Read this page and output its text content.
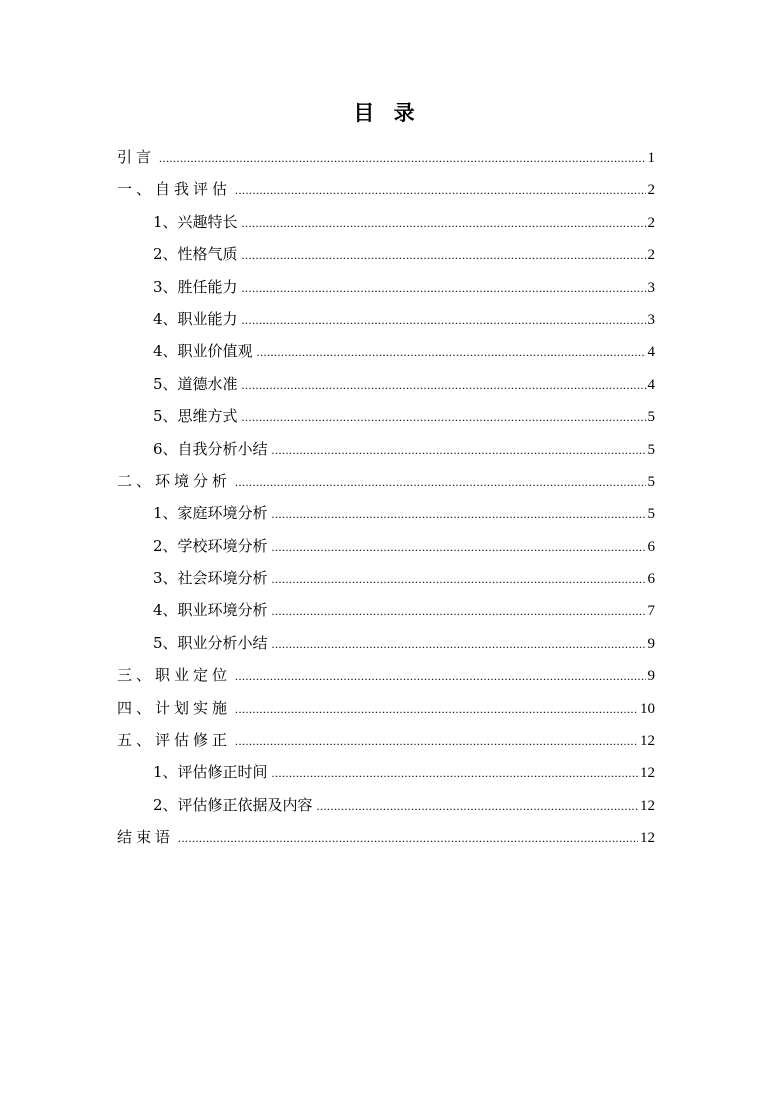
目 录
引言 .....	1
一、自我评估 .....	2
1、兴趣特长 .....	2
2、性格气质 .....	2
3、胜任能力 .....	3
4、职业能力 .....	3
4、职业价值观 .....	4
5、道德水准 .....	4
5、思维方式 .....	5
6、自我分析小结 .....	5
二、环境分析 .....	5
1、家庭环境分析 .....	5
2、学校环境分析 .....	6
3、社会环境分析 .....	6
4、职业环境分析 .....	7
5、职业分析小结 .....	9
三、职业定位 .....	9
四、计划实施 .....	10
五、评估修正 .....	12
1、评估修正时间 .....	12
2、评估修正依据及内容 .....	12
结束语 .....	12
